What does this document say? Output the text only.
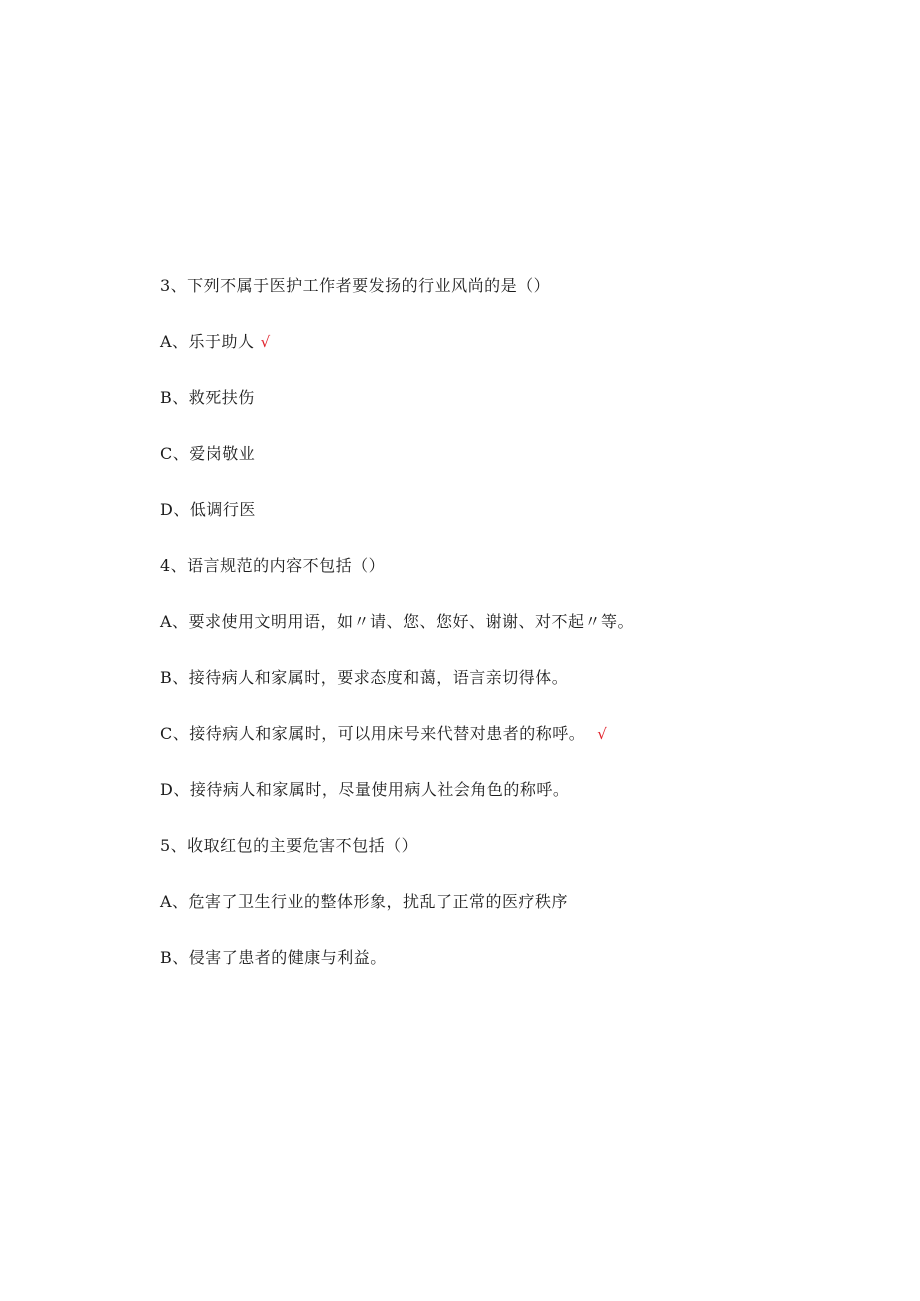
3、下列不属于医护工作者要发扬的行业风尚的是（）
A、乐于助人 √
B、救死扶伤
C、爱岗敬业
D、低调行医
4、语言规范的内容不包括（）
A、要求使用文明用语，如〃请、您、您好、谢谢、对不起〃等。
B、接待病人和家属时，要求态度和蔼，语言亲切得体。
C、接待病人和家属时，可以用床号来代替对患者的称呼。 √
D、接待病人和家属时，尽量使用病人社会角色的称呼。
5、收取红包的主要危害不包括（）
A、危害了卫生行业的整体形象，扰乱了正常的医疗秩序
B、侵害了患者的健康与利益。
